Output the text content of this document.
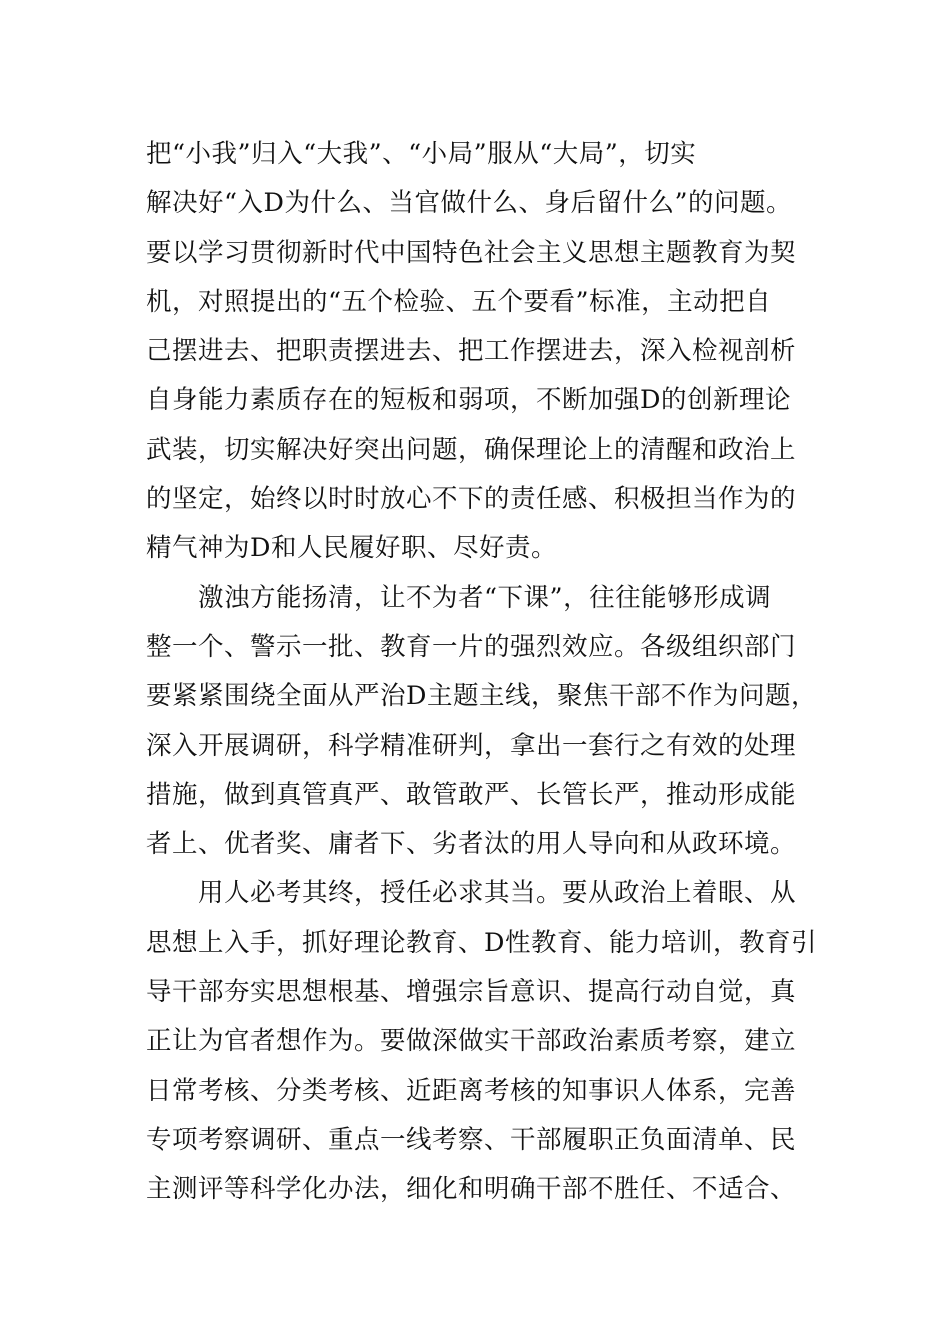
把“小我”归入“大我”、“小局”服从“大局”，切实
解决好“入D为什么、当官做什么、身后留什么”的问题。
要以学习贯彻新时代中国特色社会主义思想主题教育为契
机，对照提出的“五个检验、五个要看”标准，主动把自
己摆进去、把职责摆进去、把工作摆进去，深入检视剖析
自身能力素质存在的短板和弱项，不断加强D的创新理论
武装，切实解决好突出问题，确保理论上的清醒和政治上
的坚定，始终以时时放心不下的责任感、积极担当作为的
精气神为D和人民履好职、尽好责。
激浊方能扬清，让不为者“下课”，往往能够形成调
整一个、警示一批、教育一片的强烈效应。各级组织部门
要紧紧围绕全面从严治D主题主线，聚焦干部不作为问题，
深入开展调研，科学精准研判，拿出一套行之有效的处理
措施，做到真管真严、敢管敢严、长管长严，推动形成能
者上、优者奖、庸者下、劣者汰的用人导向和从政环境。
用人必考其终，授任必求其当。要从政治上着眼、从
思想上入手，抓好理论教育、D性教育、能力培训，教育引
导干部夯实思想根基、增强宗旨意识、提高行动自觉，真
正让为官者想作为。要做深做实干部政治素质考察，建立
日常考核、分类考核、近距离考核的知事识人体系，完善
专项考察调研、重点一线考察、干部履职正负面清单、民
主测评等科学化办法，细化和明确干部不胜任、不适合、
